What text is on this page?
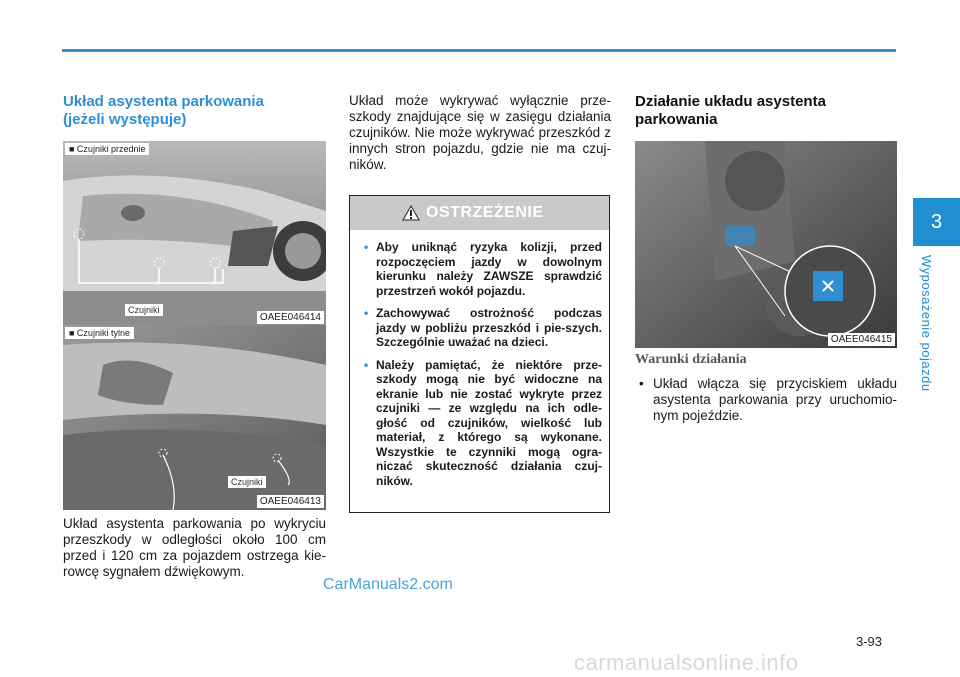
3
Wyposażenie pojazdu

Układ asystenta parkowania
(jeżeli występuje)

■ Czujniki przednie
Czujniki
OAEE046414
■ Czujniki tylne
Czujniki
OAEE046413

Układ asystenta parkowania po wykryciu przeszkody w odległości około 100 cm przed i 120 cm za pojazdem ostrzega kie-rowcę sygnałem dźwiękowym.

Układ może wykrywać wyłącznie prze-szkody znajdujące się w zasięgu działania czujników. Nie może wykrywać przeszkód z innych stron pojazdu, gdzie nie ma czuj-ników.

OSTRZEŻENIE
• Aby uniknąć ryzyka kolizji, przed rozpoczęciem jazdy w dowolnym kierunku należy ZAWSZE sprawdzić przestrzeń wokół pojazdu.
• Zachowywać ostrożność podczas jazdy w pobliżu przeszkód i pie-szych. Szczególnie uważać na dzieci.
• Należy pamiętać, że niektóre prze-szkody mogą nie być widoczne na ekranie lub nie zostać wykryte przez czujniki — ze względu na ich odle-głość od czujników, wielkość lub materiał, z którego są wykonane. Wszystkie te czynniki mogą ogra-niczać skuteczność działania czuj-ników.

Działanie układu asystenta
parkowania

OAEE046415
Warunki działania
• Układ włącza się przyciskiem układu asystenta parkowania przy uruchomio-nym pojeździe.
CarManuals2.com
3-93
carmanualsonline.info
